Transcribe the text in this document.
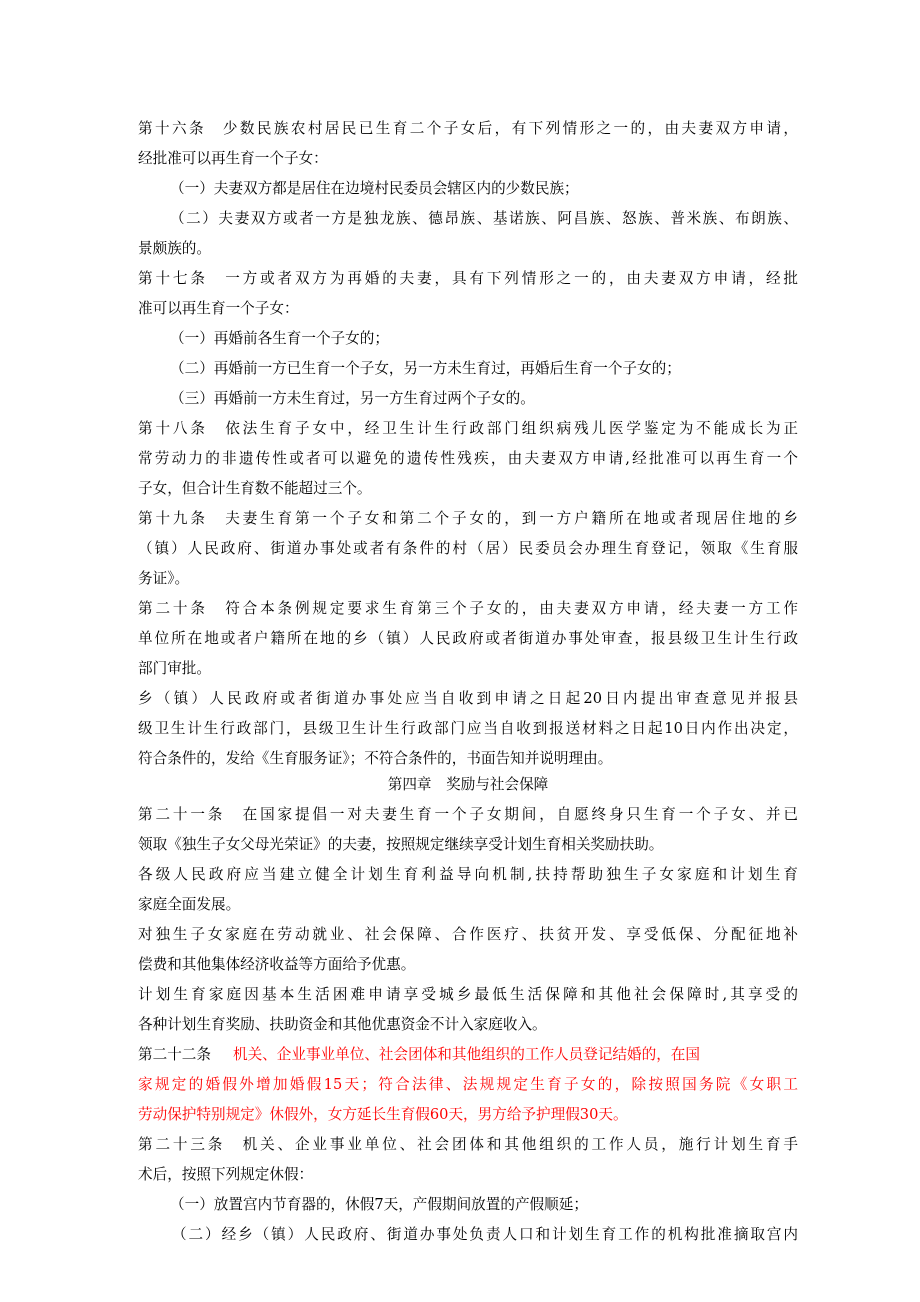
第十六条　少数民族农村居民已生育二个子女后，有下列情形之一的，由夫妻双方申请，
经批准可以再生育一个子女：
（一）夫妻双方都是居住在边境村民委员会辖区内的少数民族；
（二）夫妻双方或者一方是独龙族、德昂族、基诺族、阿昌族、怒族、普米族、布朗族、
景颇族的。
第十七条　一方或者双方为再婚的夫妻，具有下列情形之一的，由夫妻双方申请，经批
准可以再生育一个子女：
（一）再婚前各生育一个子女的；
（二）再婚前一方已生育一个子女，另一方未生育过，再婚后生育一个子女的；
（三）再婚前一方未生育过，另一方生育过两个子女的。
第十八条　依法生育子女中，经卫生计生行政部门组织病残儿医学鉴定为不能成长为正
常劳动力的非遗传性或者可以避免的遗传性残疾，由夫妻双方申请,经批准可以再生育一个
子女，但合计生育数不能超过三个。
第十九条　夫妻生育第一个子女和第二个子女的，到一方户籍所在地或者现居住地的乡
（镇）人民政府、街道办事处或者有条件的村（居）民委员会办理生育登记，领取《生育服
务证》。
第二十条　符合本条例规定要求生育第三个子女的，由夫妻双方申请，经夫妻一方工作
单位所在地或者户籍所在地的乡（镇）人民政府或者街道办事处审查，报县级卫生计生行政
部门审批。
乡（镇）人民政府或者街道办事处应当自收到申请之日起20日内提出审查意见并报县
级卫生计生行政部门，县级卫生计生行政部门应当自收到报送材料之日起10日内作出决定，
符合条件的，发给《生育服务证》；不符合条件的，书面告知并说明理由。
第四章　奖励与社会保障
第二十一条　在国家提倡一对夫妻生育一个子女期间，自愿终身只生育一个子女、并已
领取《独生子女父母光荣证》的夫妻，按照规定继续享受计划生育相关奖励扶助。
各级人民政府应当建立健全计划生育利益导向机制,扶持帮助独生子女家庭和计划生育
家庭全面发展。
对独生子女家庭在劳动就业、社会保障、合作医疗、扶贫开发、享受低保、分配征地补
偿费和其他集体经济收益等方面给予优惠。
计划生育家庭因基本生活困难申请享受城乡最低生活保障和其他社会保障时,其享受的
各种计划生育奖励、扶助资金和其他优惠资金不计入家庭收入。
第二十二条 机关、企业事业单位、社会团体和其他组织的工作人员登记结婚的，在国
家规定的婚假外增加婚假15天；符合法律、法规规定生育子女的，除按照国务院《女职工
劳动保护特别规定》休假外，女方延长生育假60天，男方给予护理假30天。
第二十三条　机关、企业事业单位、社会团体和其他组织的工作人员，施行计划生育手
术后，按照下列规定休假：
（一）放置宫内节育器的，休假7天，产假期间放置的产假顺延；
（二）经乡（镇）人民政府、街道办事处负责人口和计划生育工作的机构批准摘取宫内
